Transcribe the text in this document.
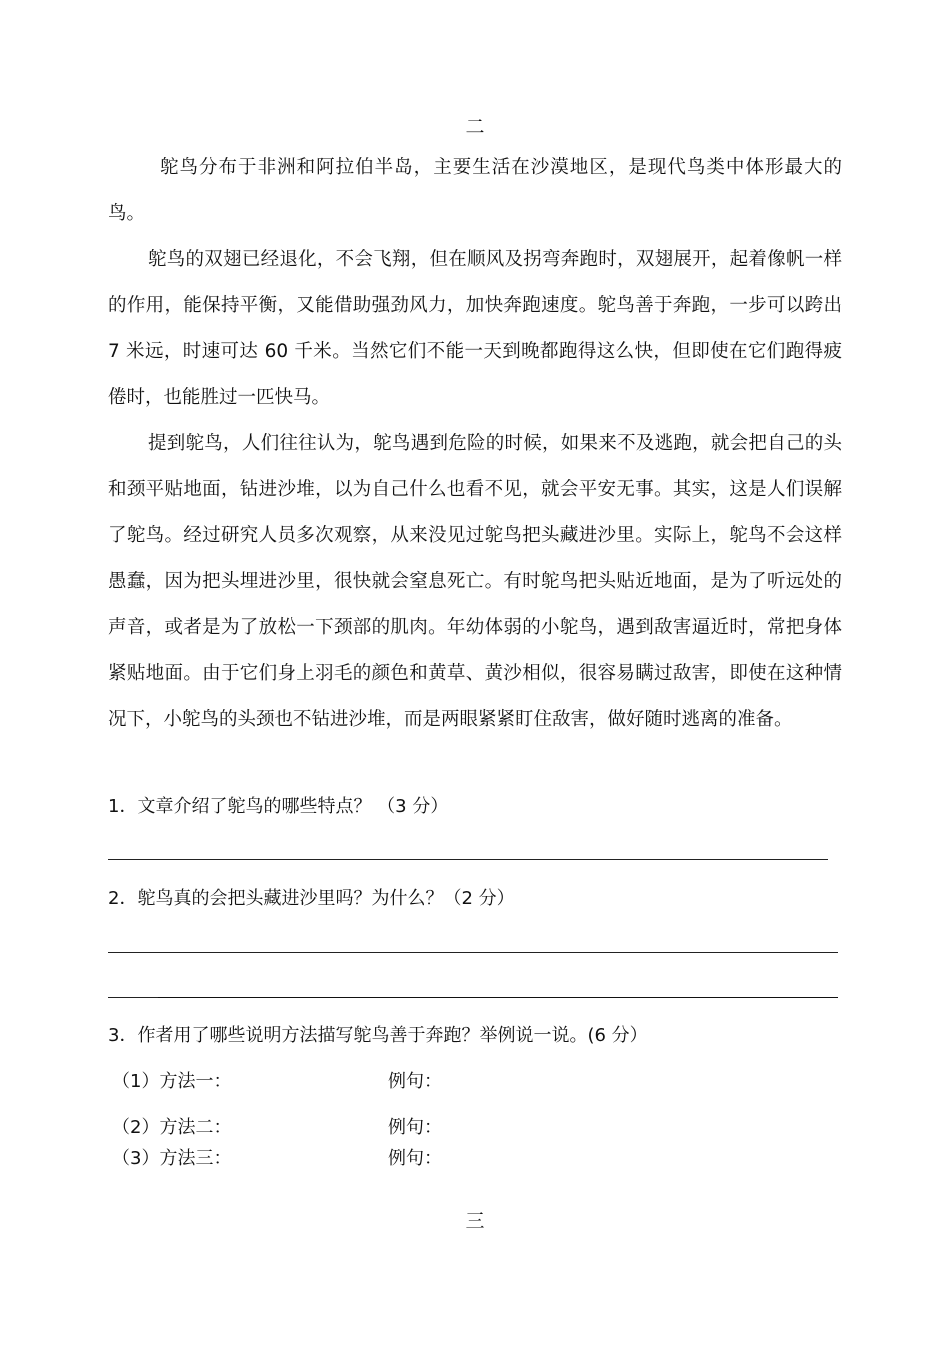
二

鸵鸟分布于非洲和阿拉伯半岛，主要生活在沙漠地区，是现代鸟类中体形最大的鸟。

鸵鸟的双翅已经退化，不会飞翔，但在顺风及拐弯奔跑时，双翅展开，起着像帆一样的作用，能保持平衡，又能借助强劲风力，加快奔跑速度。鸵鸟善于奔跑，一步可以跨出 7 米远，时速可达 60 千米。当然它们不能一天到晚都跑得这么快，但即使在它们跑得疲倦时，也能胜过一匹快马。

提到鸵鸟，人们往往认为，鸵鸟遇到危险的时候，如果来不及逃跑，就会把自己的头和颈平贴地面，钻进沙堆，以为自己什么也看不见，就会平安无事。其实，这是人们误解了鸵鸟。经过研究人员多次观察，从来没见过鸵鸟把头藏进沙里。实际上，鸵鸟不会这样愚蠢，因为把头埋进沙里，很快就会窒息死亡。有时鸵鸟把头贴近地面，是为了听远处的声音，或者是为了放松一下颈部的肌肉。年幼体弱的小鸵鸟，遇到敌害逼近时，常把身体紧贴地面。由于它们身上羽毛的颜色和黄草、黄沙相似，很容易瞒过敌害，即使在这种情况下，小鸵鸟的头颈也不钻进沙堆，而是两眼紧紧盯住敌害，做好随时逃离的准备。

1．文章介绍了鸵鸟的哪些特点？ （3 分）
2．鸵鸟真的会把头藏进沙里吗？为什么？（2 分）
3．作者用了哪些说明方法描写鸵鸟善于奔跑？举例说一说。(6 分）
（1）方法一：	例句：
（2）方法二：	例句：
（3）方法三：	例句：
三
